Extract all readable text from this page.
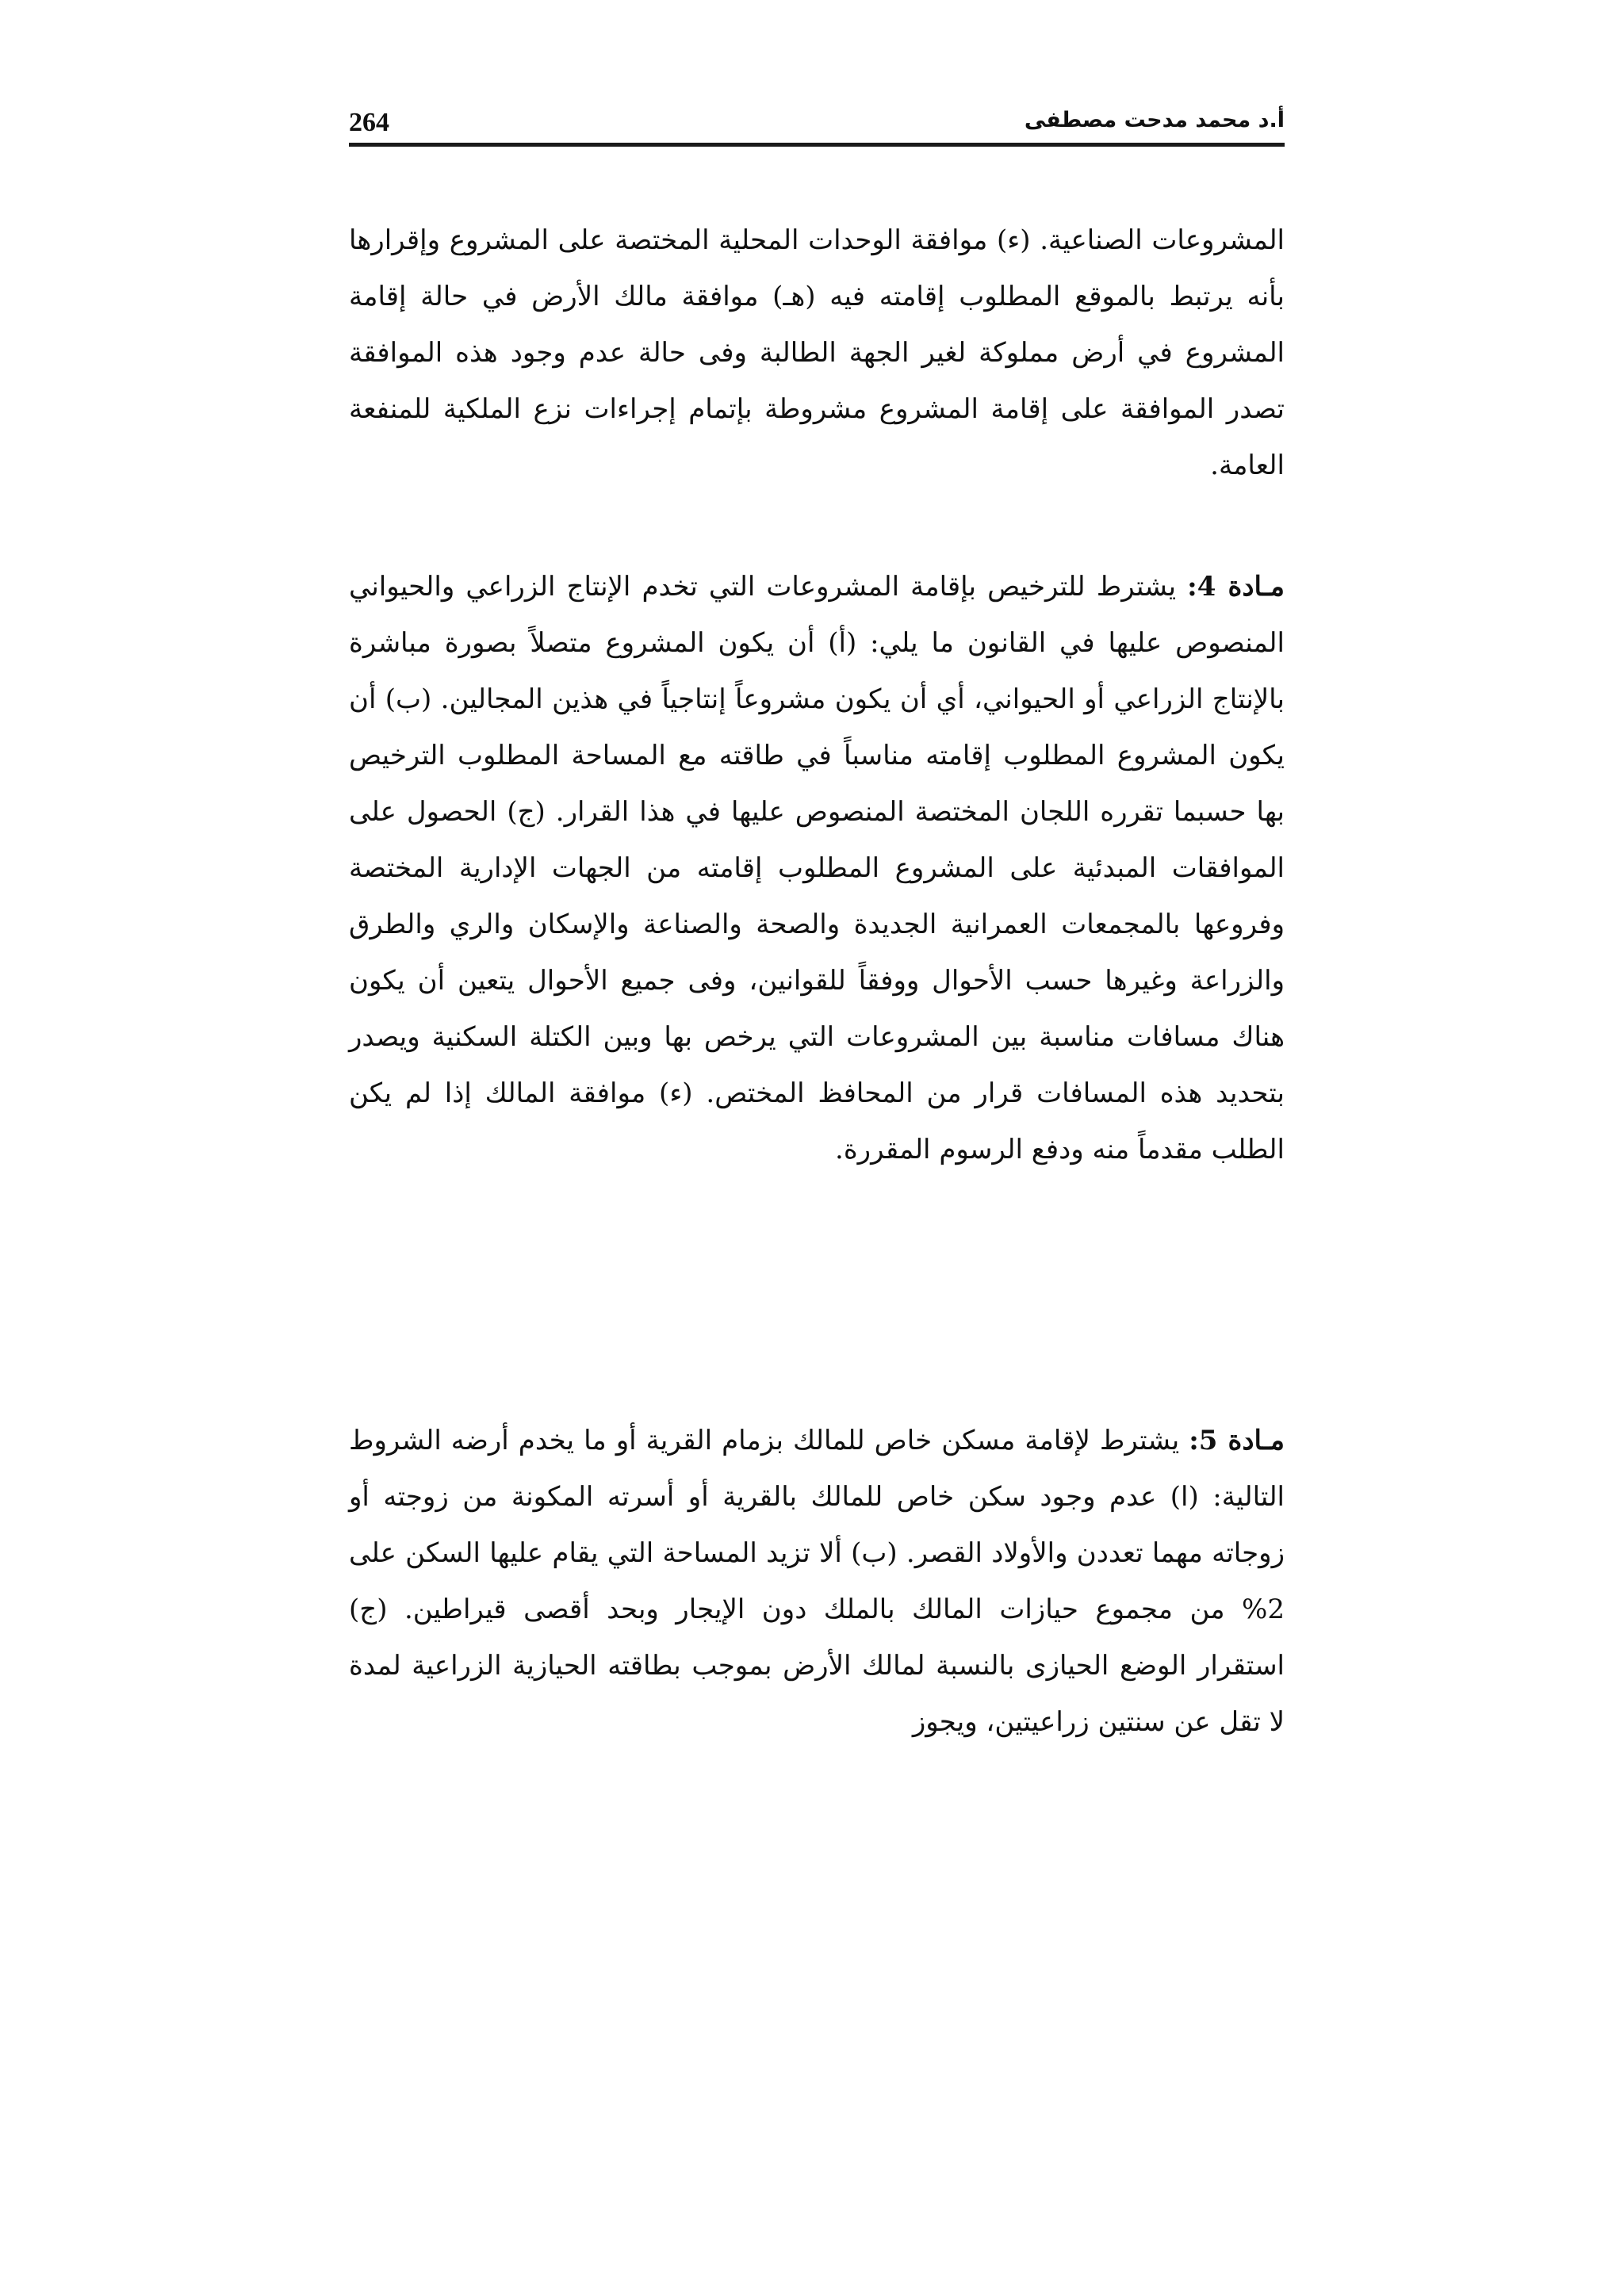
264	أ.د محمد مدحت مصطفى

المشروعات الصناعية. (ء) موافقة الوحدات المحلية المختصة على المشروع وإقرارها بأنه يرتبط بالموقع المطلوب إقامته فيه (هـ) موافقة مالك الأرض في حالة إقامة المشروع في أرض مملوكة لغير الجهة الطالبة وفى حالة عدم وجود هذه الموافقة تصدر الموافقة على إقامة المشروع مشروطة بإتمام إجراءات نزع الملكية للمنفعة العامة.

مـادة 4: يشترط للترخيص بإقامة المشروعات التي تخدم الإنتاج الزراعي والحيواني المنصوص عليها في القانون ما يلي: (أ) أن يكون المشروع متصلاً بصورة مباشرة بالإنتاج الزراعي أو الحيواني، أي أن يكون مشروعاً إنتاجياً في هذين المجالين. (ب) أن يكون المشروع المطلوب إقامته مناسباً في طاقته مع المساحة المطلوب الترخيص بها حسبما تقرره اللجان المختصة المنصوص عليها في هذا القرار. (ج) الحصول على الموافقات المبدئية على المشروع المطلوب إقامته من الجهات الإدارية المختصة وفروعها بالمجمعات العمرانية الجديدة والصحة والصناعة والإسكان والري والطرق والزراعة وغيرها حسب الأحوال ووفقاً للقوانين، وفى جميع الأحوال يتعين أن يكون هناك مسافات مناسبة بين المشروعات التي يرخص بها وبين الكتلة السكنية ويصدر بتحديد هذه المسافات قرار من المحافظ المختص. (ء) موافقة المالك إذا لم يكن الطلب مقدماً منه ودفع الرسوم المقررة.

مـادة 5: يشترط لإقامة مسكن خاص للمالك بزمام القرية أو ما يخدم أرضه الشروط التالية: (ا) عدم وجود سكن خاص للمالك بالقرية أو أسرته المكونة من زوجته أو زوجاته مهما تعددن والأولاد القصر. (ب) ألا تزيد المساحة التي يقام عليها السكن على 2% من مجموع حيازات المالك بالملك دون الإيجار وبحد أقصى قيراطين. (ج) استقرار الوضع الحيازى بالنسبة لمالك الأرض بموجب بطاقته الحيازية الزراعية لمدة لا تقل عن سنتين زراعيتين، ويجوز
